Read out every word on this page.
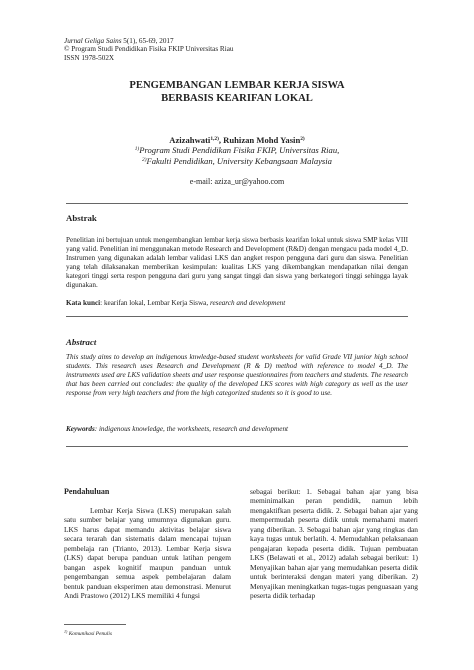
Jurnal Geliga Sains 5(1), 65-69, 2017
© Program Studi Pendidikan Fisika FKIP Universitas Riau
ISSN 1978-502X
PENGEMBANGAN LEMBAR KERJA SISWA
BERBASIS KEARIFAN LOKAL
Azizahwati$^{1,2)}$, Ruhizan Mohd Yasin$^{2)}$
$^{1)}$Program Studi Pendidikan Fisika FKIP, Universitas Riau,
$^{2)}$Fakulti Pendidikan, University Kebangsaan Malaysia
e-mail: aziza_ur@yahoo.com
Abstrak
Penelitian ini bertujuan untuk mengembangkan lembar kerja siswa berbasis kearifan lokal untuk siswa SMP kelas VIII yang valid. Penelitian ini menggunakan metode Research and Development (R&D) dengan mengacu pada model 4_D. Instrumen yang digunakan adalah lembar validasi LKS dan angket respon pengguna dari guru dan siswa. Penelitian yang telah dilaksanakan memberikan kesimpulan: kualitas LKS yang dikembangkan mendapatkan nilai dengan kategori tinggi serta respon pengguna dari guru yang sangat tinggi dan siswa yang berkategori tinggi sehingga layak digunakan.
Kata kunci: kearifan lokal, Lembar Kerja Siswa, research and development
Abstract
This study aims to develop an indigenous knwledge-based student worksheets for valid Grade VII junior high school students. This research uses Research and Development (R & D) method with reference to model 4_D. The instruments used are LKS validation sheets and user response questionnaires from teachers and students. The research that has been carried out concludes: the quality of the developed LKS scores with high category as well as the user response from very high teachers and from the high categorized students so it is good to use.
Keywords: indigenous knowledge, the worksheets, research and development
Pendahuluan
Lembar Kerja Siswa (LKS) merupakan salah satu sumber belajar yang umumnya digunakan guru. LKS harus dapat memandu aktivitas belajar siswa secara terarah dan sistematis dalam mencapai tujuan pembelaja ran (Trianto, 2013). Lembar Kerja siswa (LKS) dapat berupa panduan untuk latihan pengem bangan aspek kognitif maupun panduan untuk pengembangan semua aspek pembelajaran dalam bentuk panduan eksperimen atau demonstrasi. Menurut Andi Prastowo (2012) LKS memiliki 4 fungsi
sebagai berikut: 1. Sebagai bahan ajar yang bisa meminimalkan peran pendidik, namun lebih mengaktifkan peserta didik. 2. Sebagai bahan ajar yang mempermudah peserta didik untuk memahami materi yang diberikan. 3. Sebagai bahan ajar yang ringkas dan kaya tugas untuk berlatih. 4. Memudahkan pelaksanaan pengajaran kepada peserta didik. Tujuan pembuatan LKS (Belawati et al., 2012) adalah sebagai berikut: 1) Menyajikan bahan ajar yang memudahkan peserta didik untuk berinteraksi dengan materi yang diberikan. 2) Menyajikan meningkatkan tugas-tugas penguasaan yang peserta didik terhadap
$^{1)}$ Komunikasi Penulis
